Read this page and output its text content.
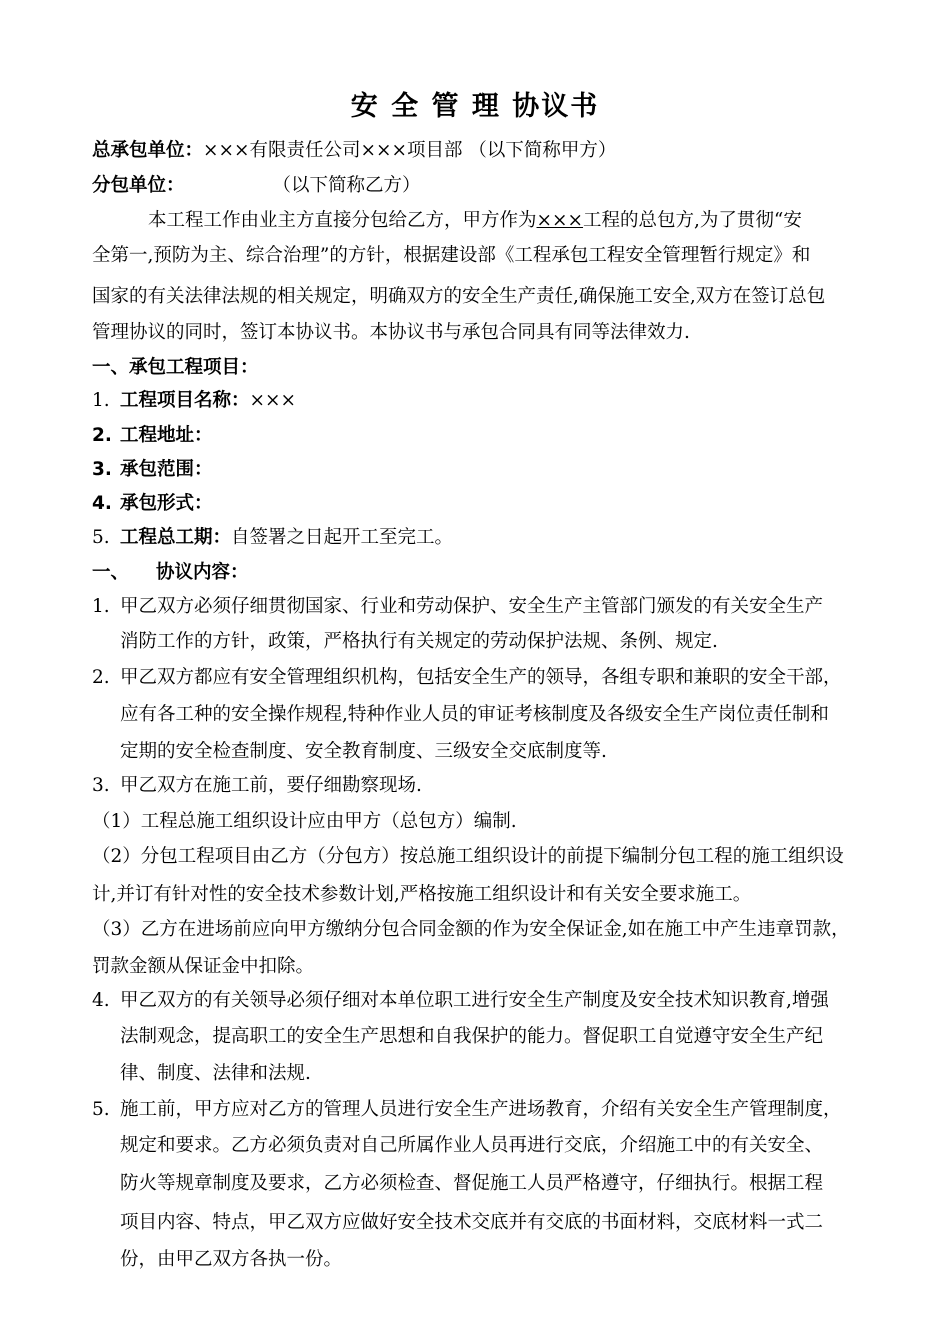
安 全 管 理 协议书
总承包单位：×××有限责任公司×××项目部 （以下简称甲方）
分包单位：	（以下简称乙方）
本工程工作由业主方直接分包给乙方，甲方作为×××工程的总包方,为了贯彻“安
全第一,预防为主、综合治理”的方针，根据建设部《工程承包工程安全管理暂行规定》和
国家的有关法律法规的相关规定，明确双方的安全生产责任,确保施工安全,双方在签订总包
管理协议的同时，签订本协议书。本协议书与承包合同具有同等法律效力.
一、承包工程项目：
1. 工程项目名称：×××
2. 工程地址：
3. 承包范围：
4. 承包形式：
5. 工程总工期：自签署之日起开工至完工。
一、 协议内容：
1. 甲乙双方必须仔细贯彻国家、行业和劳动保护、安全生产主管部门颁发的有关安全生产
消防工作的方针，政策，严格执行有关规定的劳动保护法规、条例、规定.
2. 甲乙双方都应有安全管理组织机构，包括安全生产的领导，各组专职和兼职的安全干部，
应有各工种的安全操作规程,特种作业人员的审证考核制度及各级安全生产岗位责任制和
定期的安全检查制度、安全教育制度、三级安全交底制度等.
3. 甲乙双方在施工前，要仔细勘察现场.
（1）工程总施工组织设计应由甲方（总包方）编制.
（2）分包工程项目由乙方（分包方）按总施工组织设计的前提下编制分包工程的施工组织设
计,并订有针对性的安全技术参数计划,严格按施工组织设计和有关安全要求施工。
（3）乙方在进场前应向甲方缴纳分包合同金额的作为安全保证金,如在施工中产生违章罚款，
罚款金额从保证金中扣除。
4. 甲乙双方的有关领导必须仔细对本单位职工进行安全生产制度及安全技术知识教育,增强
法制观念，提高职工的安全生产思想和自我保护的能力。督促职工自觉遵守安全生产纪
律、制度、法律和法规.
5. 施工前，甲方应对乙方的管理人员进行安全生产进场教育，介绍有关安全生产管理制度，
规定和要求。乙方必须负责对自己所属作业人员再进行交底，介绍施工中的有关安全、
防火等规章制度及要求，乙方必须检查、督促施工人员严格遵守，仔细执行。根据工程
项目内容、特点，甲乙双方应做好安全技术交底并有交底的书面材料，交底材料一式二
份，由甲乙双方各执一份。
